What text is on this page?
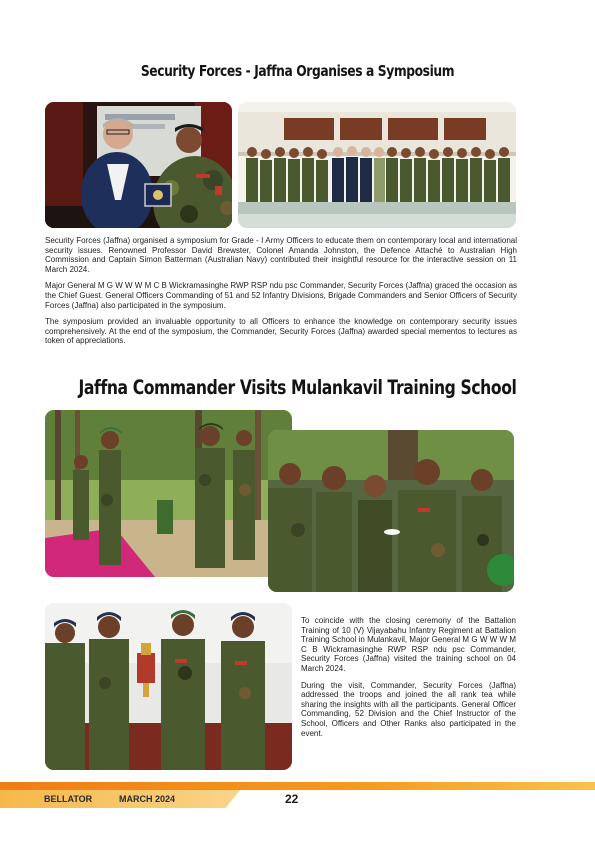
Security Forces - Jaffna Organises a Symposium

Security Forces (Jaffna) organised a symposium for Grade - I Army Officers to educate them on contemporary local and international security issues. Renowned Professor David Brewster, Colonel Amanda Johnston, the Defence Attaché to Australian High Commission and Captain Simon Batterman (Australian Navy) contributed their insightful resource for the interactive session on 11 March 2024.

Major General M G W W W M C B Wickramasinghe RWP RSP ndu psc Commander, Security Forces (Jaffna) graced the occasion as the Chief Guest. General Officers Commanding of 51 and 52 Infantry Divisions, Brigade Commanders and Senior Officers of Security Forces (Jaffna) also participated in the symposium.

The symposium provided an invaluable opportunity to all Officers to enhance the knowledge on contemporary security issues comprehensively. At the end of the symposium, the Commander, Security Forces (Jaffna) awarded special mementos to lectures as token of appreciations.

Jaffna Commander Visits Mulankavil Training School

To coincide with the closing ceremony of the Battalion Training of 10 (V) Vijayabahu Infantry Regiment at Battalion Training School in Mulankavil, Major General M G W W W M C B Wickramasinghe RWP RSP ndu psc Commander, Security Forces (Jaffna) visited the training school on 04 March 2024.

During the visit, Commander, Security Forces (Jaffna) addressed the troops and joined the all rank tea while sharing the insights with all the participants. General Officer Commanding, 52 Division and the Chief Instructor of the School, Officers and Other Ranks also participated in the event.

BELLATOR	MARCH 2024	22
